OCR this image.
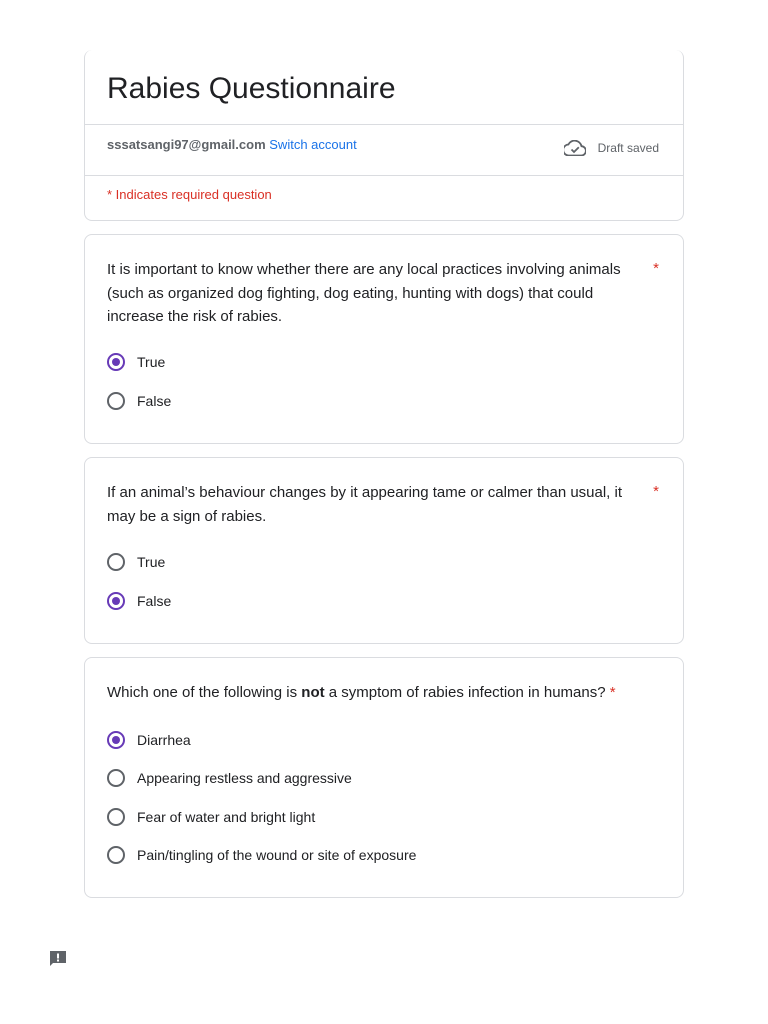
Rabies Questionnaire
sssatsangi97@gmail.com Switch account	Draft saved
* Indicates required question
It is important to know whether there are any local practices involving animals (such as organized dog fighting, dog eating, hunting with dogs) that could increase the risk of rabies.
*
True
False
If an animal’s behaviour changes by it appearing tame or calmer than usual, it may be a sign of rabies.
*
True
False
Which one of the following is not a symptom of rabies infection in humans? *
Diarrhea
Appearing restless and aggressive
Fear of water and bright light
Pain/tingling of the wound or site of exposure
